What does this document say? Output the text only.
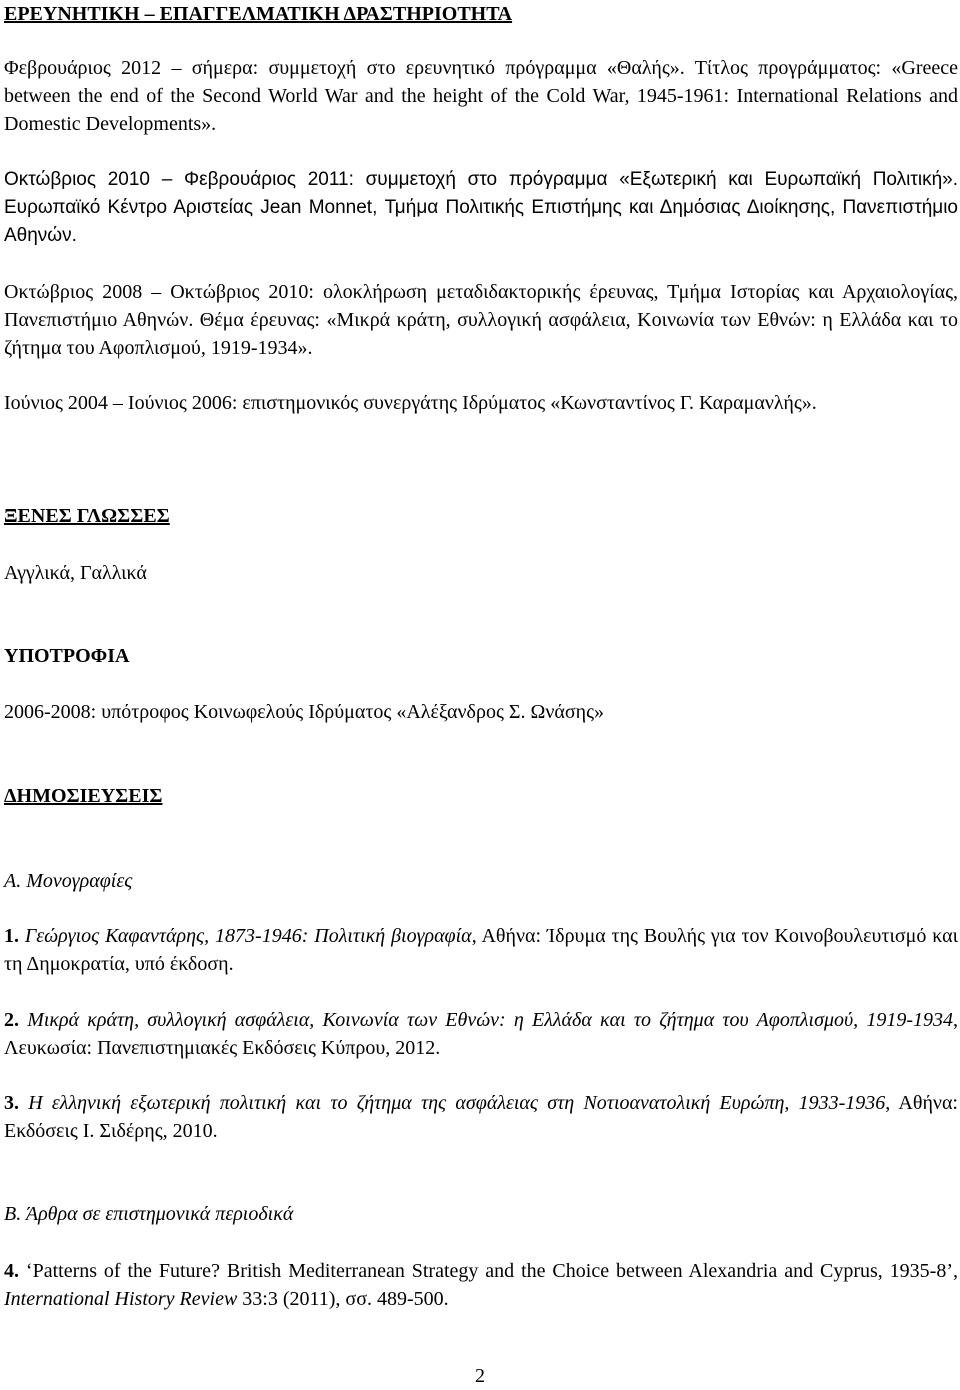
ΕΡΕΥΝΗΤΙΚΗ – ΕΠΑΓΓΕΛΜΑΤΙΚΗ ΔΡΑΣΤΗΡΙΟΤΗΤΑ

Φεβρουάριος 2012 – σήμερα: συμμετοχή στο ερευνητικό πρόγραμμα «Θαλής». Τίτλος προγράμματος: «Greece between the end of the Second World War and the height of the Cold War, 1945-1961: International Relations and Domestic Developments».

Οκτώβριος 2010 – Φεβρουάριος 2011: συμμετοχή στο πρόγραμμα «Εξωτερική και Ευρωπαϊκή Πολιτική». Ευρωπαϊκό Κέντρο Αριστείας Jean Monnet, Τμήμα Πολιτικής Επιστήμης και Δημόσιας Διοίκησης, Πανεπιστήμιο Αθηνών.

Οκτώβριος 2008 – Οκτώβριος 2010: ολοκλήρωση μεταδιδακτορικής έρευνας, Τμήμα Ιστορίας και Αρχαιολογίας, Πανεπιστήμιο Αθηνών. Θέμα έρευνας: «Μικρά κράτη, συλλογική ασφάλεια, Κοινωνία των Εθνών: η Ελλάδα και το ζήτημα του Αφοπλισμού, 1919-1934».

Ιούνιος 2004 – Ιούνιος 2006: επιστημονικός συνεργάτης Ιδρύματος «Κωνσταντίνος Γ. Καραμανλής».

ΞΕΝΕΣ ΓΛΩΣΣΕΣ

Αγγλικά, Γαλλικά

ΥΠΟΤΡΟΦΙΑ

2006-2008: υπότροφος Κοινωφελούς Ιδρύματος «Αλέξανδρος Σ. Ωνάσης»

ΔΗΜΟΣΙΕΥΣΕΙΣ

Α. Μονογραφίες

1. Γεώργιος Καφαντάρης, 1873-1946: Πολιτική βιογραφία, Αθήνα: Ίδρυμα της Βουλής για τον Κοινοβουλευτισμό και τη Δημοκρατία, υπό έκδοση.

2. Μικρά κράτη, συλλογική ασφάλεια, Κοινωνία των Εθνών: η Ελλάδα και το ζήτημα του Αφοπλισμού, 1919-1934, Λευκωσία: Πανεπιστημιακές Εκδόσεις Κύπρου, 2012.

3. Η ελληνική εξωτερική πολιτική και το ζήτημα της ασφάλειας στη Νοτιοανατολική Ευρώπη, 1933-1936, Αθήνα: Εκδόσεις Ι. Σιδέρης, 2010.

Β. Άρθρα σε επιστημονικά περιοδικά

4. ‘Patterns of the Future? British Mediterranean Strategy and the Choice between Alexandria and Cyprus, 1935-8’, International History Review 33:3 (2011), σσ. 489-500.

2
